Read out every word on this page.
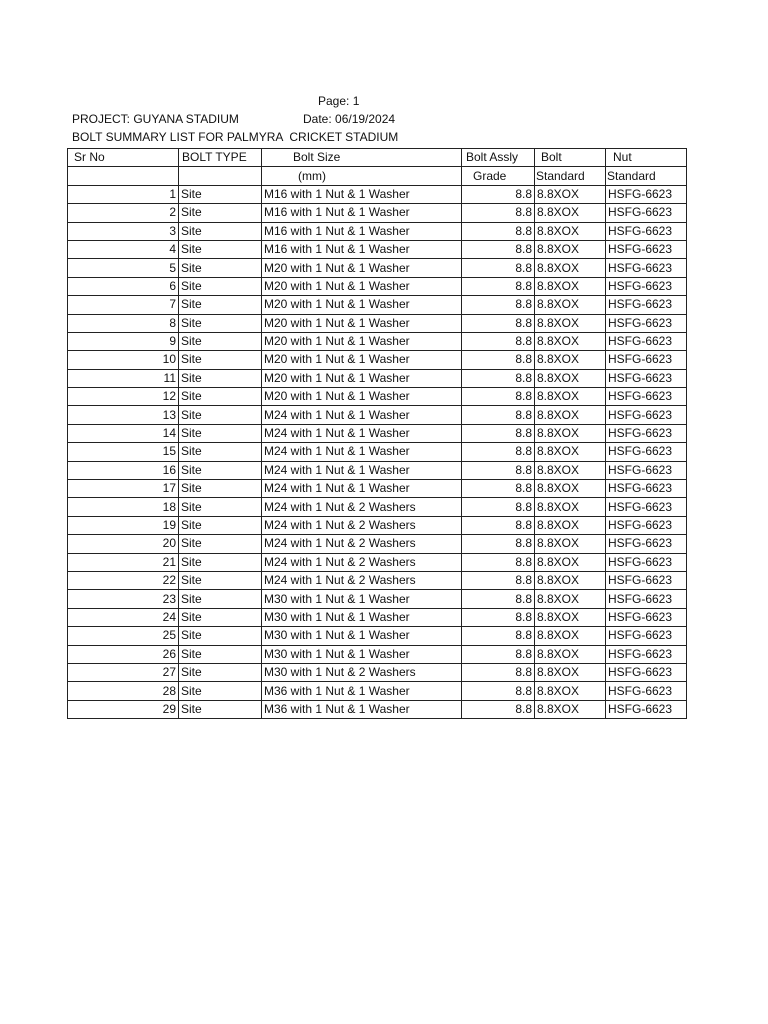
Page: 1
PROJECT: GUYANA STADIUM	Date: 06/19/2024
BOLT SUMMARY LIST FOR PALMYRA  CRICKET STADIUM
Sr No	BOLT TYPE	Bolt Size	Bolt Assly	Bolt	Nut
		(mm)	Grade	Standard	Standard
1	Site	M16 with 1 Nut & 1 Washer	8.8	8.8XOX	HSFG-6623
2	Site	M16 with 1 Nut & 1 Washer	8.8	8.8XOX	HSFG-6623
3	Site	M16 with 1 Nut & 1 Washer	8.8	8.8XOX	HSFG-6623
4	Site	M16 with 1 Nut & 1 Washer	8.8	8.8XOX	HSFG-6623
5	Site	M20 with 1 Nut & 1 Washer	8.8	8.8XOX	HSFG-6623
6	Site	M20 with 1 Nut & 1 Washer	8.8	8.8XOX	HSFG-6623
7	Site	M20 with 1 Nut & 1 Washer	8.8	8.8XOX	HSFG-6623
8	Site	M20 with 1 Nut & 1 Washer	8.8	8.8XOX	HSFG-6623
9	Site	M20 with 1 Nut & 1 Washer	8.8	8.8XOX	HSFG-6623
10	Site	M20 with 1 Nut & 1 Washer	8.8	8.8XOX	HSFG-6623
11	Site	M20 with 1 Nut & 1 Washer	8.8	8.8XOX	HSFG-6623
12	Site	M20 with 1 Nut & 1 Washer	8.8	8.8XOX	HSFG-6623
13	Site	M24 with 1 Nut & 1 Washer	8.8	8.8XOX	HSFG-6623
14	Site	M24 with 1 Nut & 1 Washer	8.8	8.8XOX	HSFG-6623
15	Site	M24 with 1 Nut & 1 Washer	8.8	8.8XOX	HSFG-6623
16	Site	M24 with 1 Nut & 1 Washer	8.8	8.8XOX	HSFG-6623
17	Site	M24 with 1 Nut & 1 Washer	8.8	8.8XOX	HSFG-6623
18	Site	M24 with 1 Nut & 2 Washers	8.8	8.8XOX	HSFG-6623
19	Site	M24 with 1 Nut & 2 Washers	8.8	8.8XOX	HSFG-6623
20	Site	M24 with 1 Nut & 2 Washers	8.8	8.8XOX	HSFG-6623
21	Site	M24 with 1 Nut & 2 Washers	8.8	8.8XOX	HSFG-6623
22	Site	M24 with 1 Nut & 2 Washers	8.8	8.8XOX	HSFG-6623
23	Site	M30 with 1 Nut & 1 Washer	8.8	8.8XOX	HSFG-6623
24	Site	M30 with 1 Nut & 1 Washer	8.8	8.8XOX	HSFG-6623
25	Site	M30 with 1 Nut & 1 Washer	8.8	8.8XOX	HSFG-6623
26	Site	M30 with 1 Nut & 1 Washer	8.8	8.8XOX	HSFG-6623
27	Site	M30 with 1 Nut & 2 Washers	8.8	8.8XOX	HSFG-6623
28	Site	M36 with 1 Nut & 1 Washer	8.8	8.8XOX	HSFG-6623
29	Site	M36 with 1 Nut & 1 Washer	8.8	8.8XOX	HSFG-6623
